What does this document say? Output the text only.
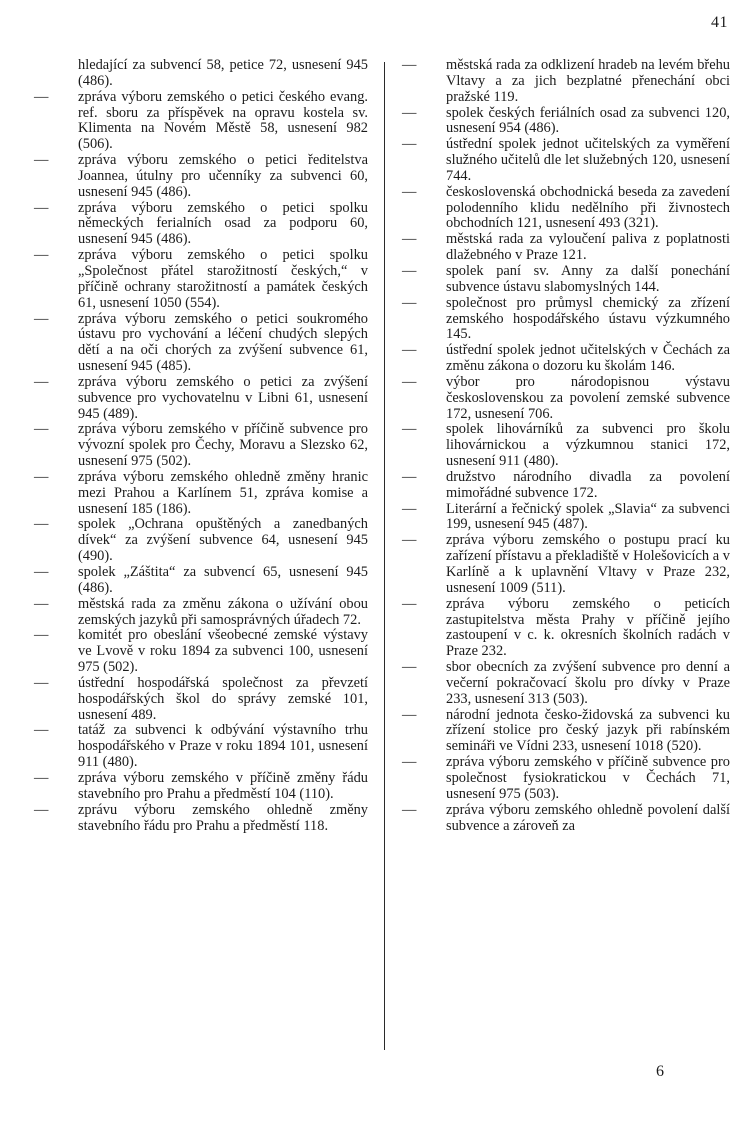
41
hledající za subvencí 58, petice 72, usnesení 945 (486).
— zpráva výboru zemského o petici českého evang. ref. sboru za příspěvek na opravu kostela sv. Klimenta na Novém Městě 58, usnesení 982 (506).
— zpráva výboru zemského o petici ředitelstva Joannea, útulny pro učenníky za subvenci 60, usnesení 945 (486).
— zpráva výboru zemského o petici spolku německých ferialních osad za podporu 60, usnesení 945 (486).
— zpráva výboru zemského o petici spolku „Společnost přátel starožitností českých,“ v příčině ochrany starožitností a památek českých 61, usnesení 1050 (554).
— zpráva výboru zemského o petici soukromého ústavu pro vychování a léčení chudých slepých dětí a na oči chorých za zvýšení subvence 61, usnesení 945 (485).
— zpráva výboru zemského o petici za zvýšení subvence pro vychovatelnu v Libni 61, usnesení 945 (489).
— zpráva výboru zemského v příčině subvence pro vývozní spolek pro Čechy, Moravu a Slezsko 62, usnesení 975 (502).
— zpráva výboru zemského ohledně změny hranic mezi Prahou a Karlínem 51, zpráva komise a usnesení 185 (186).
— spolek „Ochrana opuštěných a zanedbaných dívek“ za zvýšení subvence 64, usnesení 945 (490).
— spolek „Záštita“ za subvencí 65, usnesení 945 (486).
— městská rada za změnu zákona o užívání obou zemských jazyků při samosprávných úřadech 72.
— komitét pro obeslání všeobecné zemské výstavy ve Lvově v roku 1894 za subvenci 100, usnesení 975 (502).
— ústřední hospodářská společnost za převzetí hospodářských škol do správy zemské 101, usnesení 489.
— tatáž za subvenci k odbývání výstavního trhu hospodářského v Praze v roku 1894 101, usnesení 911 (480).
— zpráva výboru zemského v příčině změny řádu stavebního pro Prahu a předměstí 104 (110).
— zprávu výboru zemského ohledně změny stavebního řádu pro Prahu a předměstí 118.
— městská rada za odklizení hradeb na levém břehu Vltavy a za jich bezplatné přenechání obci pražské 119.
— spolek českých feriálních osad za subvenci 120, usnesení 954 (486).
— ústřední spolek jednot učitelských za vyměření služného učitelů dle let služebných 120, usnesení 744.
— československá obchodnická beseda za zavedení polodenního klidu nedělního při živnostech obchodních 121, usnesení 493 (321).
— městská rada za vyloučení paliva z poplatnosti dlažebného v Praze 121.
— spolek paní sv. Anny za další ponechání subvence ústavu slabomyslných 144.
— společnost pro průmysl chemický za zřízení zemského hospodářského ústavu výzkumného 145.
— ústřední spolek jednot učitelských v Čechách za změnu zákona o dozoru ku školám 146.
— výbor pro národopisnou výstavu československou za povolení zemské subvence 172, usnesení 706.
— spolek lihovárníků za subvenci pro školu lihovárnickou a výzkumnou stanici 172, usnesení 911 (480).
— družstvo národního divadla za povolení mimořádné subvence 172.
— Literární a řečnický spolek „Slavia“ za subvenci 199, usnesení 945 (487).
— zpráva výboru zemského o postupu prací ku zařízení přístavu a překladiště v Holešovicích a v Karlíně a k uplavnění Vltavy v Praze 232, usnesení 1009 (511).
— zpráva výboru zemského o peticích zastupitelstva města Prahy v příčině jejího zastoupení v c. k. okresních školních radách v Praze 232.
— sbor obecních za zvýšení subvence pro denní a večerní pokračovací školu pro dívky v Praze 233, usnesení 313 (503).
— národní jednota česko-židovská za subvenci ku zřízení stolice pro český jazyk při rabínském semináři ve Vídni 233, usnesení 1018 (520).
— zpráva výboru zemského v příčině subvence pro společnost fysiokratickou v Čechách 71, usnesení 975 (503).
— zpráva výboru zemského ohledně povolení další subvence a zároveň za
6
